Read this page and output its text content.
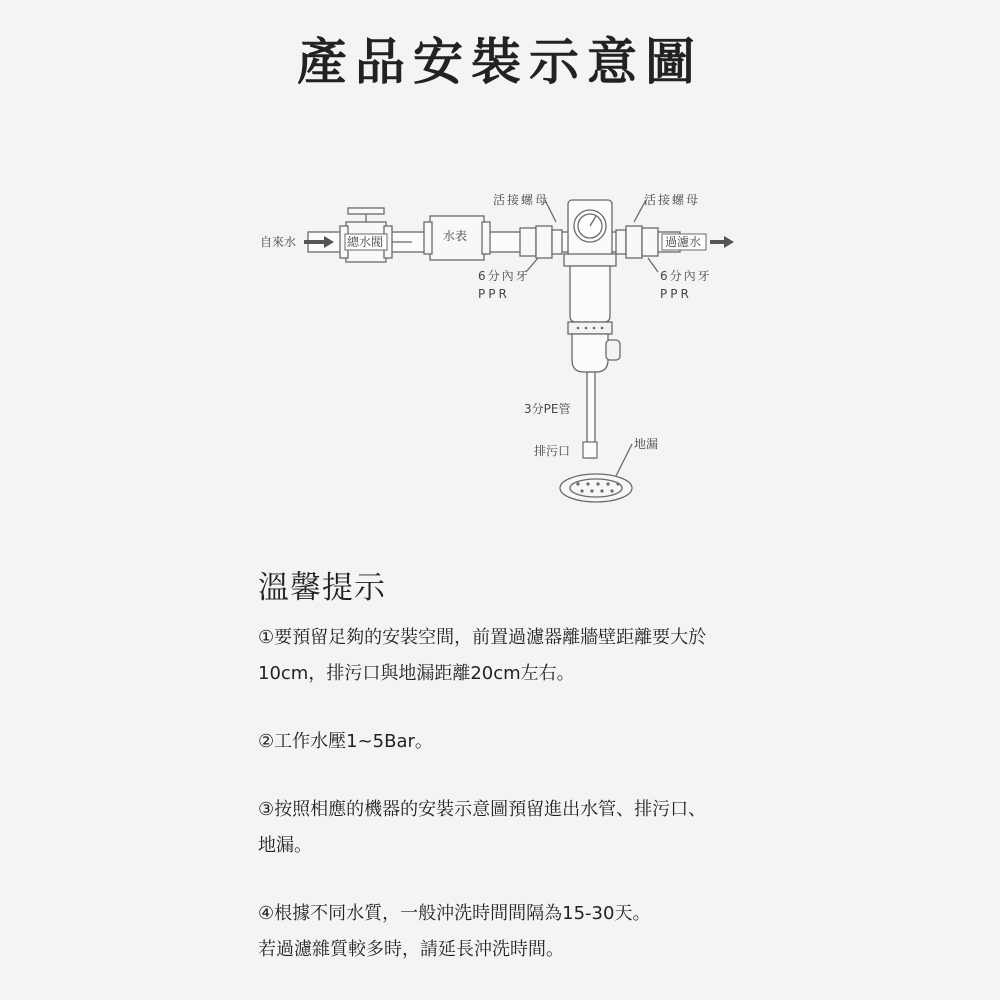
產品安裝示意圖
自來水	總水閥	水表
活接螺母	活接螺母
過濾水
6分內牙
PPR
6分內牙
PPR
3分PE管
排污口	地漏
溫馨提示
①要預留足夠的安裝空間，前置過濾器離牆壁距離要大於
10cm，排污口與地漏距離20cm左右。
②工作水壓1~5Bar。
③按照相應的機器的安裝示意圖預留進出水管、排污口、
地漏。
④根據不同水質，一般沖洗時間間隔為15-30天。
若過濾雜質較多時，請延長沖洗時間。
